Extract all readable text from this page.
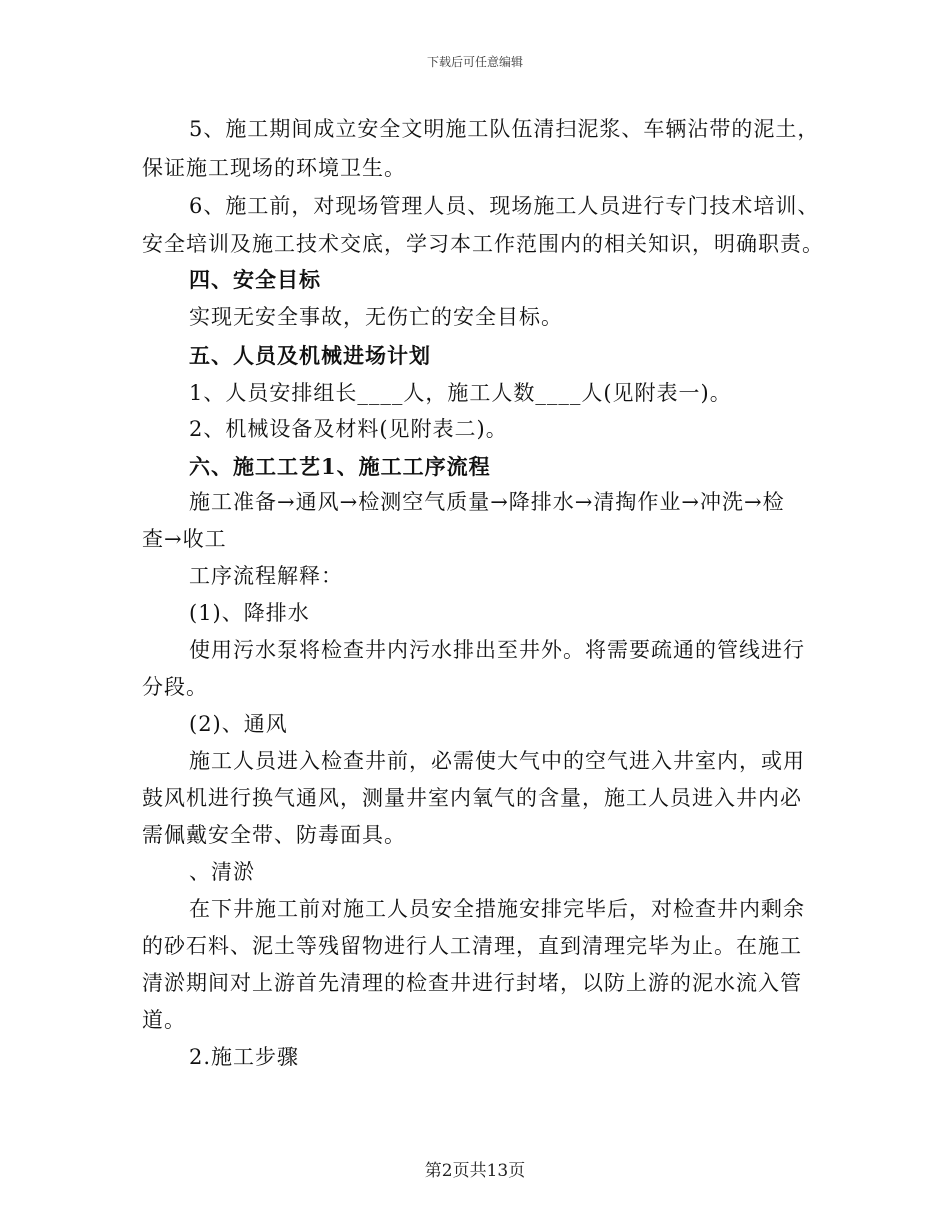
下载后可任意编辑
5、施工期间成立安全文明施工队伍清扫泥浆、车辆沾带的泥土，
保证施工现场的环境卫生。
6、施工前，对现场管理人员、现场施工人员进行专门技术培训、
安全培训及施工技术交底，学习本工作范围内的相关知识，明确职责。
四、安全目标
实现无安全事故，无伤亡的安全目标。
五、人员及机械进场计划
1、人员安排组长____人，施工人数____人(见附表一)。
2、机械设备及材料(见附表二)。
六、施工工艺1、施工工序流程
施工准备→通风→检测空气质量→降排水→清掏作业→冲洗→检
查→收工
工序流程解释：
(1)、降排水
使用污水泵将检查井内污水排出至井外。将需要疏通的管线进行
分段。
(2)、通风
施工人员进入检查井前，必需使大气中的空气进入井室内，或用
鼓风机进行换气通风，测量井室内氧气的含量，施工人员进入井内必
需佩戴安全带、防毒面具。
、清淤
在下井施工前对施工人员安全措施安排完毕后，对检查井内剩余
的砂石料、泥土等残留物进行人工清理，直到清理完毕为止。在施工
清淤期间对上游首先清理的检查井进行封堵，以防上游的泥水流入管
道。
2.施工步骤
第2页共13页
